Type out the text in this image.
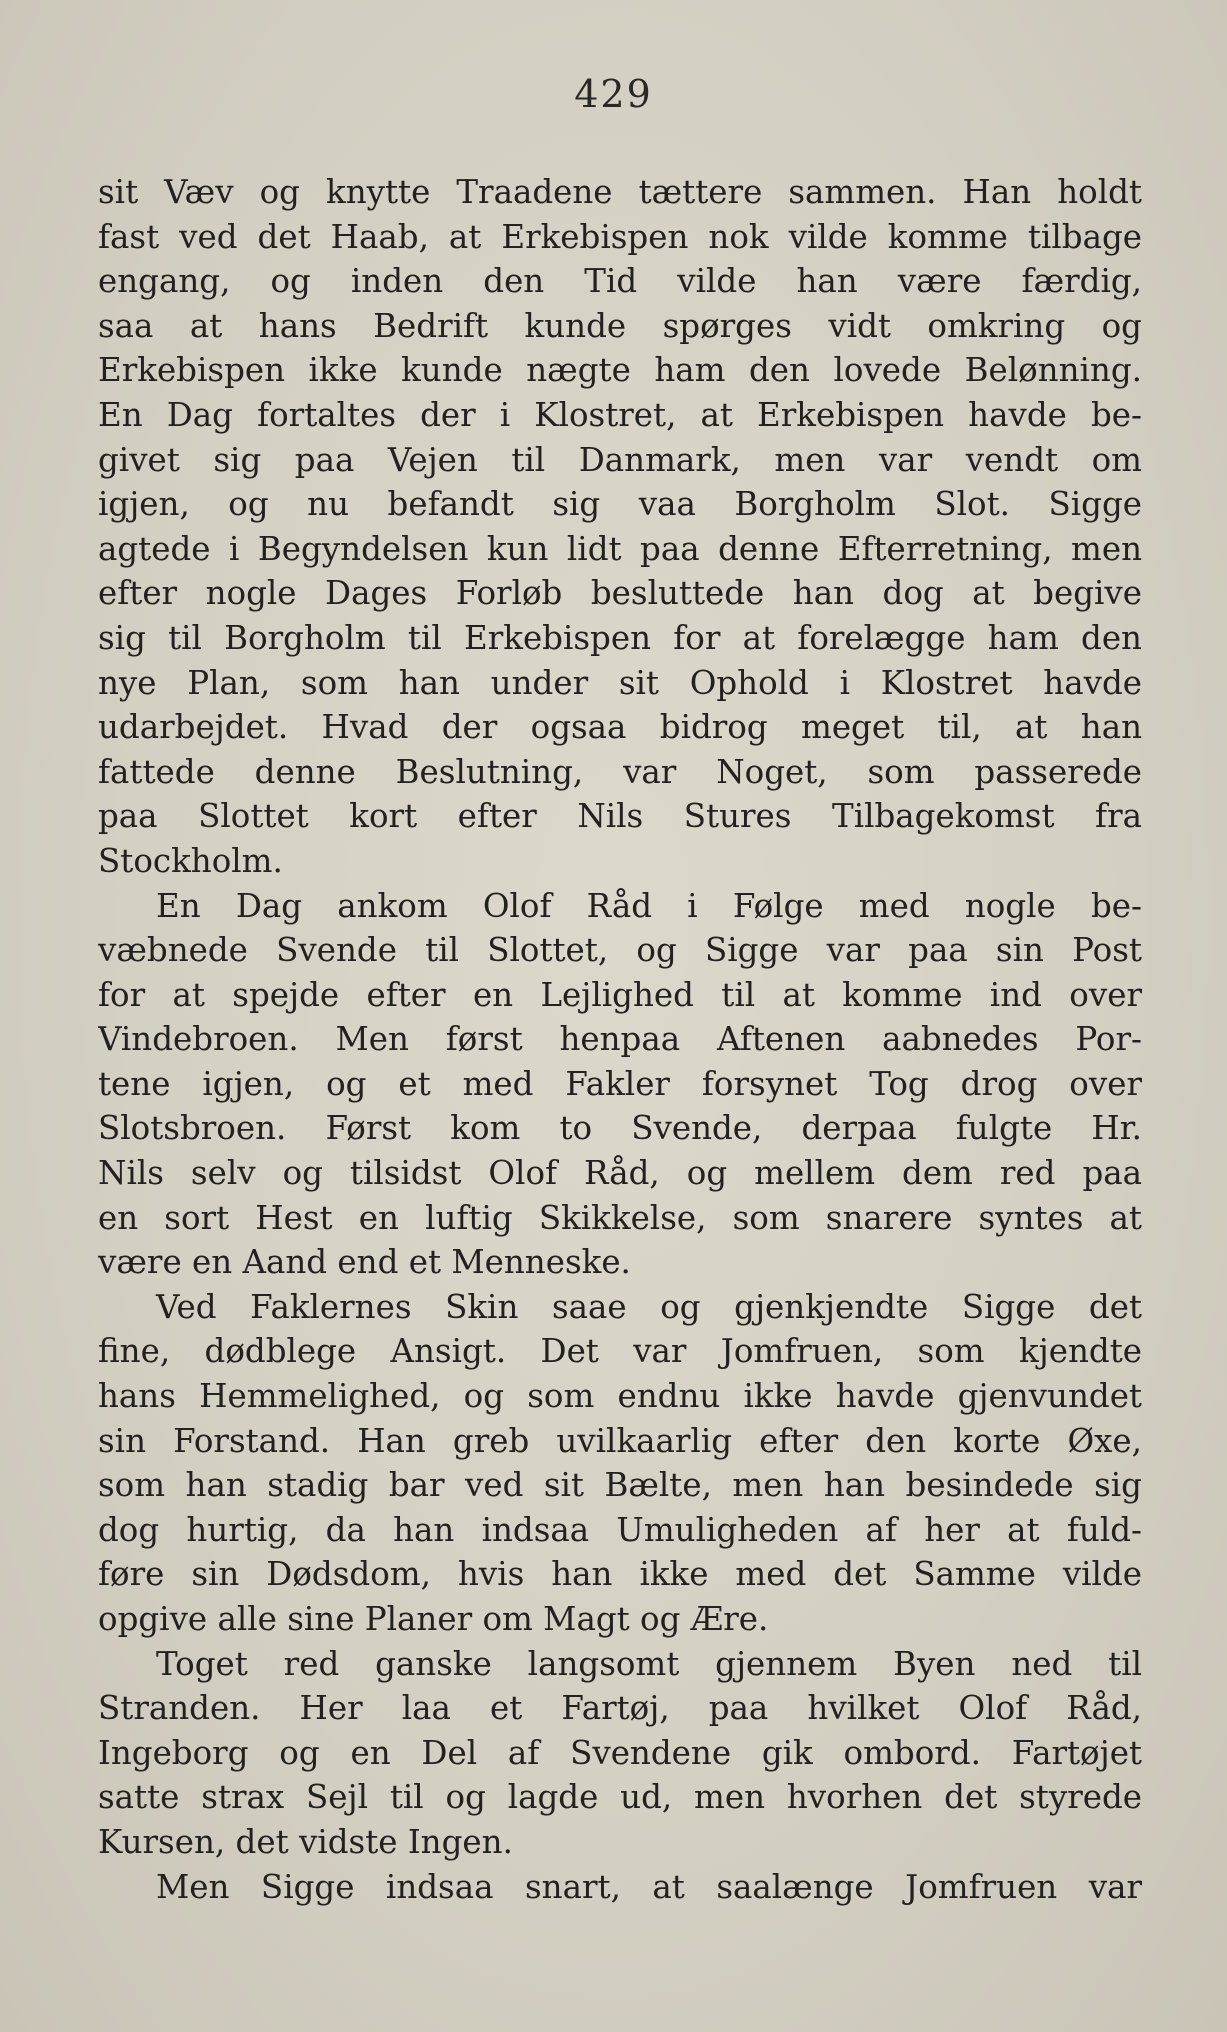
429
sit Væv og knytte Traadene tættere sammen. Han holdt
fast ved det Haab, at Erkebispen nok vilde komme tilbage
engang, og inden den Tid vilde han være færdig,
saa at hans Bedrift kunde spørges vidt omkring og
Erkebispen ikke kunde nægte ham den lovede Belønning.
En Dag fortaltes der i Klostret, at Erkebispen havde be-
givet sig paa Vejen til Danmark, men var vendt om
igjen, og nu befandt sig vaa Borgholm Slot. Sigge
agtede i Begyndelsen kun lidt paa denne Efterretning, men
efter nogle Dages Forløb besluttede han dog at begive
sig til Borgholm til Erkebispen for at forelægge ham den
nye Plan, som han under sit Ophold i Klostret havde
udarbejdet. Hvad der ogsaa bidrog meget til, at han
fattede denne Beslutning, var Noget, som passerede
paa Slottet kort efter Nils Stures Tilbagekomst fra
Stockholm.
En Dag ankom Olof Råd i Følge med nogle be-
væbnede Svende til Slottet, og Sigge var paa sin Post
for at spejde efter en Lejlighed til at komme ind over
Vindebroen. Men først henpaa Aftenen aabnedes Por-
tene igjen, og et med Fakler forsynet Tog drog over
Slotsbroen. Først kom to Svende, derpaa fulgte Hr.
Nils selv og tilsidst Olof Råd, og mellem dem red paa
en sort Hest en luftig Skikkelse, som snarere syntes at
være en Aand end et Menneske.
Ved Faklernes Skin saae og gjenkjendte Sigge det
fine, dødblege Ansigt. Det var Jomfruen, som kjendte
hans Hemmelighed, og som endnu ikke havde gjenvundet
sin Forstand. Han greb uvilkaarlig efter den korte Øxe,
som han stadig bar ved sit Bælte, men han besindede sig
dog hurtig, da han indsaa Umuligheden af her at fuld-
føre sin Dødsdom, hvis han ikke med det Samme vilde
opgive alle sine Planer om Magt og Ære.
Toget red ganske langsomt gjennem Byen ned til
Stranden. Her laa et Fartøj, paa hvilket Olof Råd,
Ingeborg og en Del af Svendene gik ombord. Fartøjet
satte strax Sejl til og lagde ud, men hvorhen det styrede
Kursen, det vidste Ingen.
Men Sigge indsaa snart, at saalænge Jomfruen var
